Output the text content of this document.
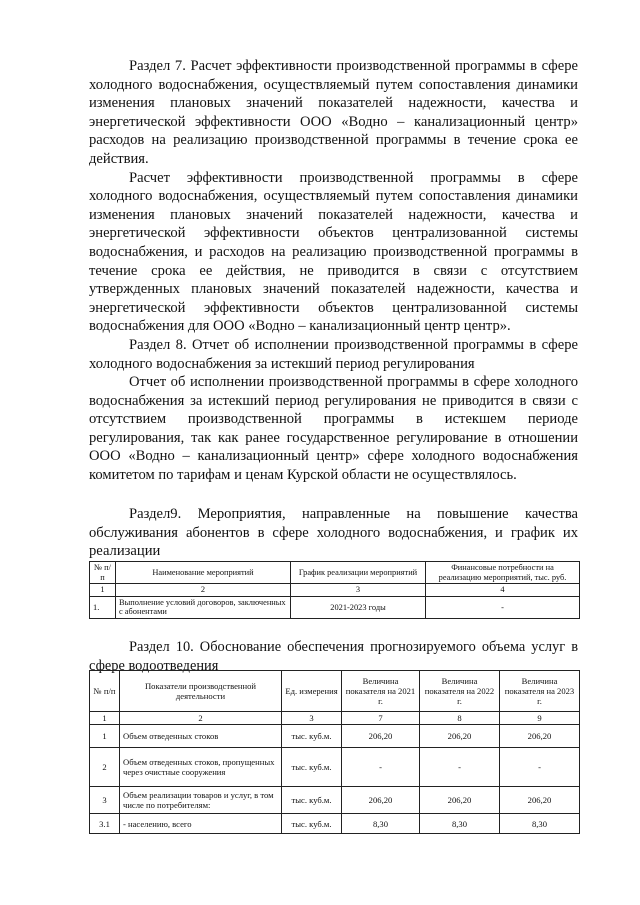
Раздел 7. Расчет эффективности производственной программы в сфере холодного водоснабжения, осуществляемый путем сопоставления динамики изменения плановых значений показателей надежности, качества и энергетической эффективности ООО «Водно – канализационный центр» расходов на реализацию производственной программы в течение срока ее действия.

Расчет эффективности производственной программы в сфере холодного водоснабжения, осуществляемый путем сопоставления динамики изменения плановых значений показателей надежности, качества и энергетической эффективности объектов централизованной системы водоснабжения, и расходов на реализацию производственной программы в течение срока ее действия, не приводится в связи с отсутствием утвержденных плановых значений показателей надежности, качества и энергетической эффективности объектов централизованной системы водоснабжения для ООО «Водно – канализационный центр центр».

Раздел 8. Отчет об исполнении производственной программы в сфере холодного водоснабжения за истекший период регулирования

Отчет об исполнении производственной программы в сфере холодного водоснабжения за истекший период регулирования не приводится в связи с отсутствием производственной программы в истекшем периоде регулирования, так как ранее государственное регулирование в отношении ООО «Водно – канализационный центр» сфере холодного водоснабжения комитетом по тарифам и ценам Курской области не осуществлялось.

Раздел9. Мероприятия, направленные на повышение качества обслуживания абонентов в сфере холодного водоснабжения, и график их реализации

№ п/п	Наименование мероприятий	График реализации мероприятий	Финансовые потребности на реализацию мероприятий, тыс. руб.
1	2	3	4
1.	Выполнение условий договоров, заключенных с абонентами	2021-2023 годы	-

Раздел 10. Обоснование обеспечения прогнозируемого объема услуг в сфере водоотведения

№ п/п	Показатели производственной деятельности	Ед. измерения	Величина показателя на 2021 г.	Величина показателя на 2022 г.	Величина показателя на 2023 г.
1	2	3	7	8	9
1	Объем отведенных стоков	тыс. куб.м.	206,20	206,20	206,20
2	Объем отведенных стоков, пропущенных через очистные сооружения	тыс. куб.м.	-	-	-
3	Объем реализации товаров и услуг, в том числе по потребителям:	тыс. куб.м.	206,20	206,20	206,20
3.1	- населению, всего	тыс. куб.м.	8,30	8,30	8,30
